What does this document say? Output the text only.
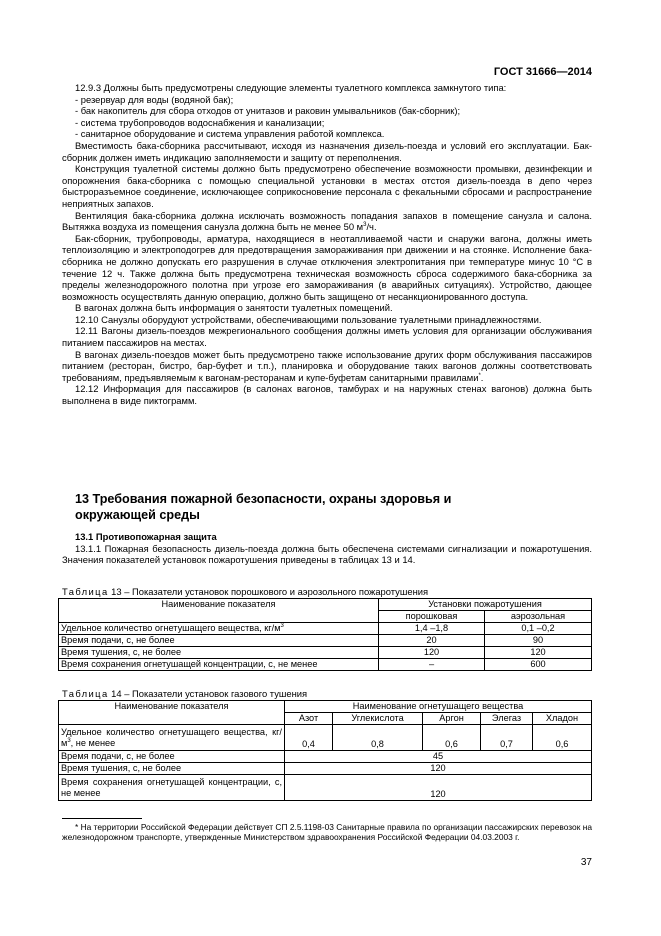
ГОСТ 31666—2014

12.9.3 Должны быть предусмотрены следующие элементы туалетного комплекса замкнутого типа:

- резервуар для воды (водяной бак);

- бак накопитель для сбора отходов от унитазов и раковин умывальников (бак-сборник);

- система трубопроводов водоснабжения и канализации;

- санитарное оборудование и система управления работой комплекса.

Вместимость бака-сборника рассчитывают, исходя из назначения дизель-поезда и условий его эксплуатации. Бак-сборник должен иметь индикацию заполняемости и защиту от переполнения.

Конструкция туалетной системы должно быть предусмотрено обеспечение возможности промывки, дезинфекции и опорожнения бака-сборника с помощью специальной установки в местах отстоя дизель-поезда в депо через быстроразъемное соединение, исключающее соприкосновение персонала с фекальными сбросами и распространение неприятных запахов.

Вентиляция бака-сборника должна исключать возможность попадания запахов в помещение санузла и салона. Вытяжка воздуха из помещения санузла должна быть не менее 50 $м^3/ч$.

Бак-сборник, трубопроводы, арматура, находящиеся в неотапливаемой части и снаружи вагона, должны иметь теплоизоляцию и электроподогрев для предотвращения замораживания при движении и на стоянке. Исполнение бака-сборника не должно допускать его разрушения в случае отключения электропитания при температуре минус 10 °C в течение 12 ч. Также должна быть предусмотрена техническая возможность сброса содержимого бака-сборника за пределы железнодорожного полотна при угрозе его замораживания (в аварийных ситуациях). Устройство, дающее возможность осуществлять данную операцию, должно быть защищено от несанкционированного доступа.

В вагонах должна быть информация о занятости туалетных помещений.

12.10 Санузлы оборудуют устройствами, обеспечивающими пользование туалетными принадлежностями.

12.11 Вагоны дизель-поездов межрегионального сообщения должны иметь условия для организации обслуживания питанием пассажиров на местах.

В вагонах дизель-поездов может быть предусмотрено также использование других форм обслуживания пассажиров питанием (ресторан, бистро, бар-буфет и т.п.), планировка и оборудование таких вагонов должны соответствовать требованиям, предъявляемым к вагонам-ресторанам и купе-буфетам санитарными правилами*.

12.12 Информация для пассажиров (в салонах вагонов, тамбурах и на наружных стенах вагонов) должна быть выполнена в виде пиктограмм.

13 Требования пожарной безопасности, охраны здоровья и окружающей среды

13.1 Противопожарная защита

13.1.1 Пожарная безопасность дизель-поезда должна быть обеспечена системами сигнализации и пожаротушения. Значения показателей установок пожаротушения приведены в таблицах 13 и 14.

Таблица 13 – Показатели установок порошкового и аэрозольного пожаротушения
Наименование показателя	Установки пожаротушения	
	порошковая	аэрозольная
Удельное количество огнетушащего вещества, $кг/м^3$	1,4 –1,8	0,1 –0,2
Время подачи, с, не более	20	90
Время тушения, с, не более	120	120
Время сохранения огнетушащей концентрации, с, не менее	–	600
Таблица 14 – Показатели установок газового тушения
Наименование показателя	Наименование огнетушащего вещества				
	Азот	Углекислота	Аргон	Элегаз	Хладон
Удельное количество огнетушащего вещества, $кг/м^3$, не менее	0,4	0,8	0,6	0,7	0,6
Время подачи, с, не более	45				
Время тушения, с, не более	120				
Время сохранения огнетушащей концентрации, с, не менее	120				

* На территории Российской Федерации действует СП 2.5.1198-03 Санитарные правила по организации пассажирских перевозок на железнодорожном транспорте, утвержденные Министерством здравоохранения Российской Федерации 04.03.2003 г.

37
